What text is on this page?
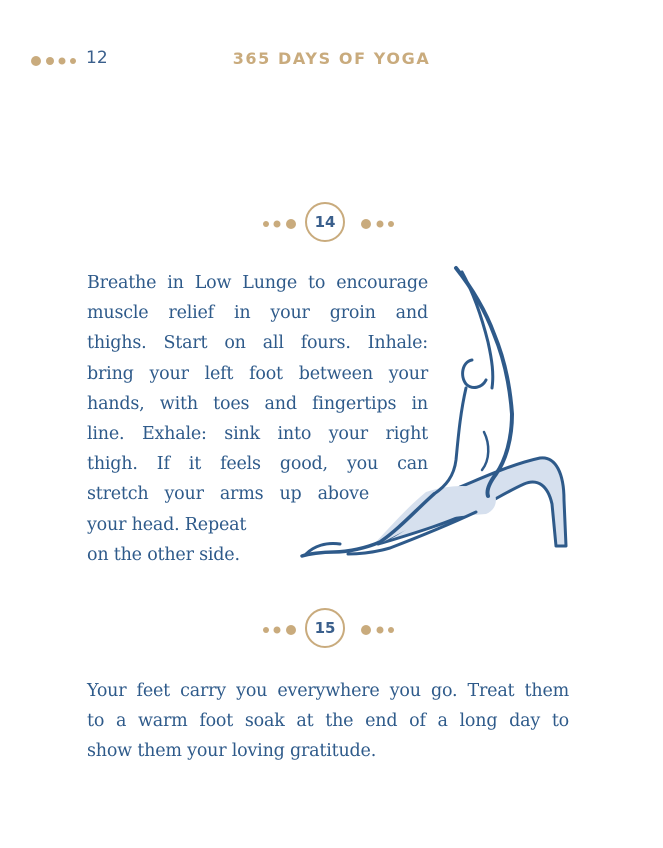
12	365 DAYS OF YOGA
14
Breathe in Low Lunge to encourage
muscle relief in your groin and
thighs. Start on all fours. Inhale:
bring your left foot between your
hands, with toes and fingertips in
line. Exhale: sink into your right
thigh. If it feels good, you can
stretch your arms up above
your head. Repeat
on the other side.
15
Your feet carry you everywhere you go. Treat them
to a warm foot soak at the end of a long day to
show them your loving gratitude.
